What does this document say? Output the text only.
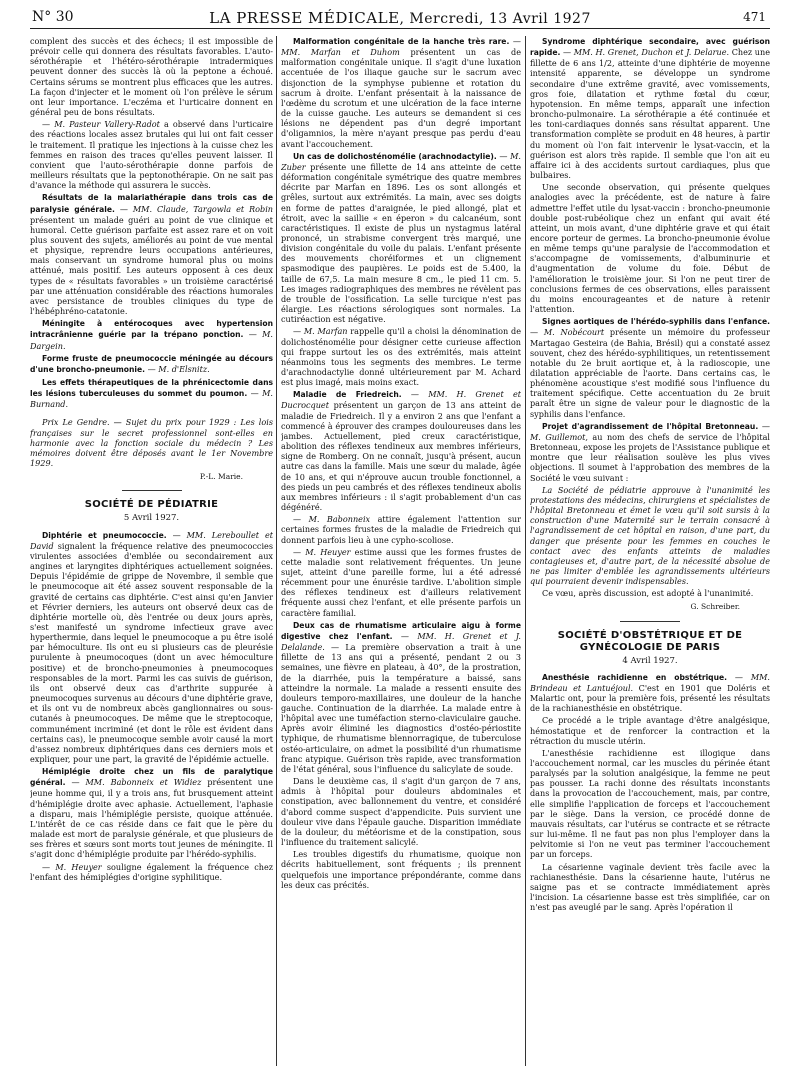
N° 30	LA PRESSE MÉDICALE, Mercredi, 13 Avril 1927	471

complent des succès et des échecs; il est impossible de prévoir celle qui donnera des résultats favorables. L'auto-sérothérapie et l'hétéro-sérothérapie intradermiques peuvent donner des succès là où la peptone a échoué. Certains sérums se montrent plus efficaces que les autres. La façon d'injecter et le moment où l'on prélève le sérum ont leur importance. L'eczéma et l'urticaire donnent en général peu de bons résultats.

— M. Pasteur Vallery-Radot a observé dans l'urticaire des réactions locales assez brutales qui lui ont fait cesser le traitement. Il pratique les injections à la cuisse chez les femmes en raison des traces qu'elles peuvent laisser. Il convient que l'auto-sérothérapie donne parfois de meilleurs résultats que la peptonothérapie. On ne sait pas d'avance la méthode qui assurera le succès.

Résultats de la malariathérapie dans trois cas de paralysie générale. — MM. Claude, Targowla et Robin présentent un malade guéri au point de vue clinique et humoral. Cette guérison parfaite est assez rare et on voit plus souvent des sujets, améliorés au point de vue mental et physique, reprendre leurs occupations antérieures, mais conservant un syndrome humoral plus ou moins atténué, mais positif. Les auteurs opposent à ces deux types de « résultats favorables » un troisième caractérisé par une atténuation considérable des réactions humorales avec persistance de troubles cliniques du type de l'hébéphréno-catatonie.

Méningite à entérocoques avec hypertension intracrânienne guérie par la trépano ponction. — M. Dargein.

Forme fruste de pneumococcie méningée au décours d'une broncho-pneumonie. — M. d'Elsnitz.

Les effets thérapeutiques de la phrénicectomie dans les lésions tuberculeuses du sommet du poumon. — M. Burnand.

Prix Le Gendre. — Sujet du prix pour 1929 : Les lois françaises sur le secret professionnel sont-elles en harmonie avec la fonction sociale du médecin ? Les mémoires doivent être déposés avant le 1er Novembre 1929.

P.-L. Marie.

SOCIÉTÉ DE PÉDIATRIE
5 Avril 1927.

Diphtérie et pneumococcie. — MM. Lereboullet et David signalent la fréquence relative des pneumococcies virulentes associées d'emblée ou secondairement aux angines et laryngites diphtériques actuellement soignées. Depuis l'épidémie de grippe de Novembre, il semble que le pneumocoque ait été assez souvent responsable de la gravité de certains cas diphtérie. C'est ainsi qu'en Janvier et Février derniers, les auteurs ont observé deux cas de diphtérie mortelle où, dès l'entrée ou deux jours après, s'est manifesté un syndrome infectieux grave avec hyperthermie, dans lequel le pneumocoque a pu être isolé par hémoculture. Ils ont eu si plusieurs cas de pleurésie purulente à pneumocoques (dont un avec hémoculture positive) et de broncho-pneumonies à pneumocoques responsables de la mort. Parmi les cas suivis de guérison, ils ont observé deux cas d'arthrite suppurée à pneumocoques survenus au décours d'une diphtérie grave, et ils ont vu de nombreux abcès ganglionnaires ou sous-cutanés à pneumocoques. De même que le streptocoque, communément incriminé (et dont le rôle est évident dans certains cas), le pneumocoque semble avoir causé la mort d'assez nombreux diphtériques dans ces derniers mois et expliquer, pour une part, la gravité de l'épidémie actuelle.

Hémiplégie droite chez un fils de paralytique général. — MM. Babonneix et Widiez présentent une jeune homme qui, il y a trois ans, fut brusquement atteint d'hémiplégie droite avec aphasie. Actuellement, l'aphasie a disparu, mais l'hémiplégie persiste, quoique atténuée. L'intérêt de ce cas réside dans ce fait que le père du malade est mort de paralysie générale, et que plusieurs de ses frères et sœurs sont morts tout jeunes de méningite. Il s'agit donc d'hémiplégie produite par l'hérédo-syphilis.

— M. Heuyer souligne également la fréquence chez l'enfant des hémiplégies d'origine syphilitique.

Malformation congénitale de la hanche très rare. — MM. Marfan et Duhom présentent un cas de malformation congénitale unique. Il s'agit d'une luxation accentuée de l'os iliaque gauche sur le sacrum avec disjonction de la symphyse pubienne et rotation du sacrum à droite. L'enfant présentait à la naissance de l'œdème du scrotum et une ulcération de la face interne de la cuisse gauche. Les auteurs se demandent si ces lésions ne dépendent pas d'un degré important d'oligamnios, la mère n'ayant presque pas perdu d'eau avant l'accouchement.

Un cas de dolichosténomélie (arachnodactylie). — M. Zuber présente une fillette de 14 ans atteinte de cette déformation congénitale symétrique des quatre membres décrite par Marfan en 1896. Les os sont allongés et grêles, surtout aux extrémités. La main, avec ses doigts en forme de pattes d'araignée, le pied allongé, plat et étroit, avec la saillie « en éperon » du calcanéum, sont caractéristiques. Il existe de plus un nystagmus latéral prononcé, un strabisme convergent très marqué, une division congénitale du voile du palais. L'enfant présente des mouvements choréiformes et un clignement spasmodique des paupières. Le poids est de 5.400, la taille de 67,5. La main mesure 8 cm., le pied 11 cm. 5. Les images radiographiques des membres ne révèlent pas de trouble de l'ossification. La selle turcique n'est pas élargie. Les réactions sérologiques sont normales. La cutiréaction est négative.

— M. Marfan rappelle qu'il a choisi la dénomination de dolichosténomélie pour désigner cette curieuse affection qui frappe surtout les os des extrémités, mais atteint néanmoins tous les segments des membres. Le terme d'arachnodactylie donné ultérieurement par M. Achard est plus imagé, mais moins exact.

Maladie de Friedreich. — MM. H. Grenet et Ducrocquet présentent un garçon de 13 ans atteint de maladie de Friedreich. Il y a environ 2 ans que l'enfant a commencé à éprouver des crampes douloureuses dans les jambes. Actuellement, pied creux caractéristique, abolition des réflexes tendineux aux membres inférieurs, signe de Romberg. On ne connaît, jusqu'à présent, aucun autre cas dans la famille. Mais une sœur du malade, âgée de 10 ans, et qui n'éprouve aucun trouble fonctionnel, a des pieds un peu cambrés et des réflexes tendineux abolis aux membres inférieurs : il s'agit probablement d'un cas dégénéré.

— M. Babonneix attire également l'attention sur certaines formes frustes de la maladie de Friedreich qui donnent parfois lieu à une cypho-scoliose.

— M. Heuyer estime aussi que les formes frustes de cette maladie sont relativement fréquentes. Un jeune sujet, atteint d'une pareille forme, lui a été adressé récemment pour une énurésie tardive. L'abolition simple des réflexes tendineux est d'ailleurs relativement fréquente aussi chez l'enfant, et elle présente parfois un caractère familial.

Deux cas de rhumatisme articulaire aigu à forme digestive chez l'enfant. — MM. H. Grenet et J. Delalande. — La première observation a trait à une fillette de 13 ans qui a présenté, pendant 2 ou 3 semaines, une fièvre en plateau, à 40°, de la prostration, de la diarrhée, puis la température a baissé, sans atteindre la normale. La malade a ressenti ensuite des douleurs temporo-maxillaires, une douleur de la hanche gauche. Continuation de la diarrhée. La malade entre à l'hôpital avec une tuméfaction sterno-claviculaire gauche. Après avoir éliminé les diagnostics d'ostéo-périostite typhique, de rhumatisme blennorragique, de tuberculose ostéo-articulaire, on admet la possibilité d'un rhumatisme franc atypique. Guérison très rapide, avec transformation de l'état général, sous l'influence du salicylate de soude.

Dans le deuxième cas, il s'agit d'un garçon de 7 ans, admis à l'hôpital pour douleurs abdominales et constipation, avec ballonnement du ventre, et considéré d'abord comme suspect d'appendicite. Puis survient une douleur vive dans l'épaule gauche. Disparition immédiate de la douleur, du météorisme et de la constipation, sous l'influence du traitement salicylé.

Les troubles digestifs du rhumatisme, quoique non décrits habituellement, sont fréquents ; ils prennent quelquefois une importance prépondérante, comme dans les deux cas précités.

Syndrome diphtérique secondaire, avec guérison rapide. — MM. H. Grenet, Duchon et J. Delarue. Chez une fillette de 6 ans 1/2, atteinte d'une diphtérie de moyenne intensité apparente, se développe un syndrome secondaire d'une extrême gravité, avec vomissements, gros foie, dilatation et rythme fœtal du cœur, hypotension. En même temps, apparaît une infection broncho-pulmonaire. La sérothérapie a été continuée et les toni-cardiaques donnés sans résultat apparent. Une transformation complète se produit en 48 heures, à partir du moment où l'on fait intervenir le lysat-vaccin, et la guérison est alors très rapide. Il semble que l'on ait eu affaire ici à des accidents surtout cardiaques, plus que bulbaires.

Une seconde observation, qui présente quelques analogies avec la précédente, est de nature à faire admettre l'effet utile du lysat-vaccin : broncho-pneumonie double post-rubéolique chez un enfant qui avait été atteint, un mois avant, d'une diphtérie grave et qui était encore porteur de germes. La broncho-pneumonie évolue en même temps qu'une paralysie de l'accommodation et s'accompagne de vomissements, d'albuminurie et d'augmentation de volume du foie. Début de l'amélioration le troisième jour. Si l'on ne peut tirer de conclusions fermes de ces observations, elles paraissent du moins encourageantes et de nature à retenir l'attention.

Signes aortiques de l'hérédo-syphilis dans l'enfance. — M. Nobécourt présente un mémoire du professeur Martagao Gesteira (de Bahia, Brésil) qui a constaté assez souvent, chez des hérédo-syphilitiques, un retentissement notable du 2e bruit aortique et, à la radioscopie, une dilatation appréciable de l'aorte. Dans certains cas, le phénomène acoustique s'est modifié sous l'influence du traitement spécifique. Cette accentuation du 2e bruit paraît être un signe de valeur pour le diagnostic de la syphilis dans l'enfance.

Projet d'agrandissement de l'hôpital Bretonneau. — M. Guillemot, au nom des chefs de service de l'hôpital Bretonneau, expose les projets de l'Assistance publique et montre que leur réalisation soulève les plus vives objections. Il soumet à l'approbation des membres de la Société le vœu suivant :

La Société de pédiatrie approuve à l'unanimité les protestations des médecins, chirurgiens et spécialistes de l'hôpital Bretonneau et émet le vœu qu'il soit sursis à la construction d'une Maternité sur le terrain consacré à l'agrandissement de cet hôpital en raison, d'une part, du danger que présente pour les femmes en couches le contact avec des enfants atteints de maladies contagieuses et, d'autre part, de la nécessité absolue de ne pas limiter d'emblée les agrandissements ultérieurs qui pourraient devenir indispensables.

Ce vœu, après discussion, est adopté à l'unanimité.

G. Schreiber.

SOCIÉTÉ D'OBSTÉTRIQUE ET DE GYNÉCOLOGIE DE PARIS
4 Avril 1927.

Anesthésie rachidienne en obstétrique. — MM. Brindeau et Lantuéjoul. C'est en 1901 que Doléris et Malartic ont, pour la première fois, présenté les résultats de la rachianesthésie en obstétrique.

Ce procédé a le triple avantage d'être analgésique, hémostatique et de renforcer la contraction et la rétraction du muscle utérin.

L'anesthésie rachidienne est illogique dans l'accouchement normal, car les muscles du périnée étant paralysés par la solution analgésique, la femme ne peut pas pousser. La rachi donne des résultats inconstants dans la provocation de l'accouchement, mais, par contre, elle simplifie l'application de forceps et l'accouchement par le siège. Dans la version, ce procédé donne de mauvais résultats, car l'utérus se contracte et se rétracte sur lui-même. Il ne faut pas non plus l'employer dans la pelvitomie si l'on ne veut pas terminer l'accouchement par un forceps.

La césarienne vaginale devient très facile avec la rachianesthésie. Dans la césarienne haute, l'utérus ne saigne pas et se contracte immédiatement après l'incision. La césarienne basse est très simplifiée, car on n'est pas aveuglé par le sang. Après l'opération il
